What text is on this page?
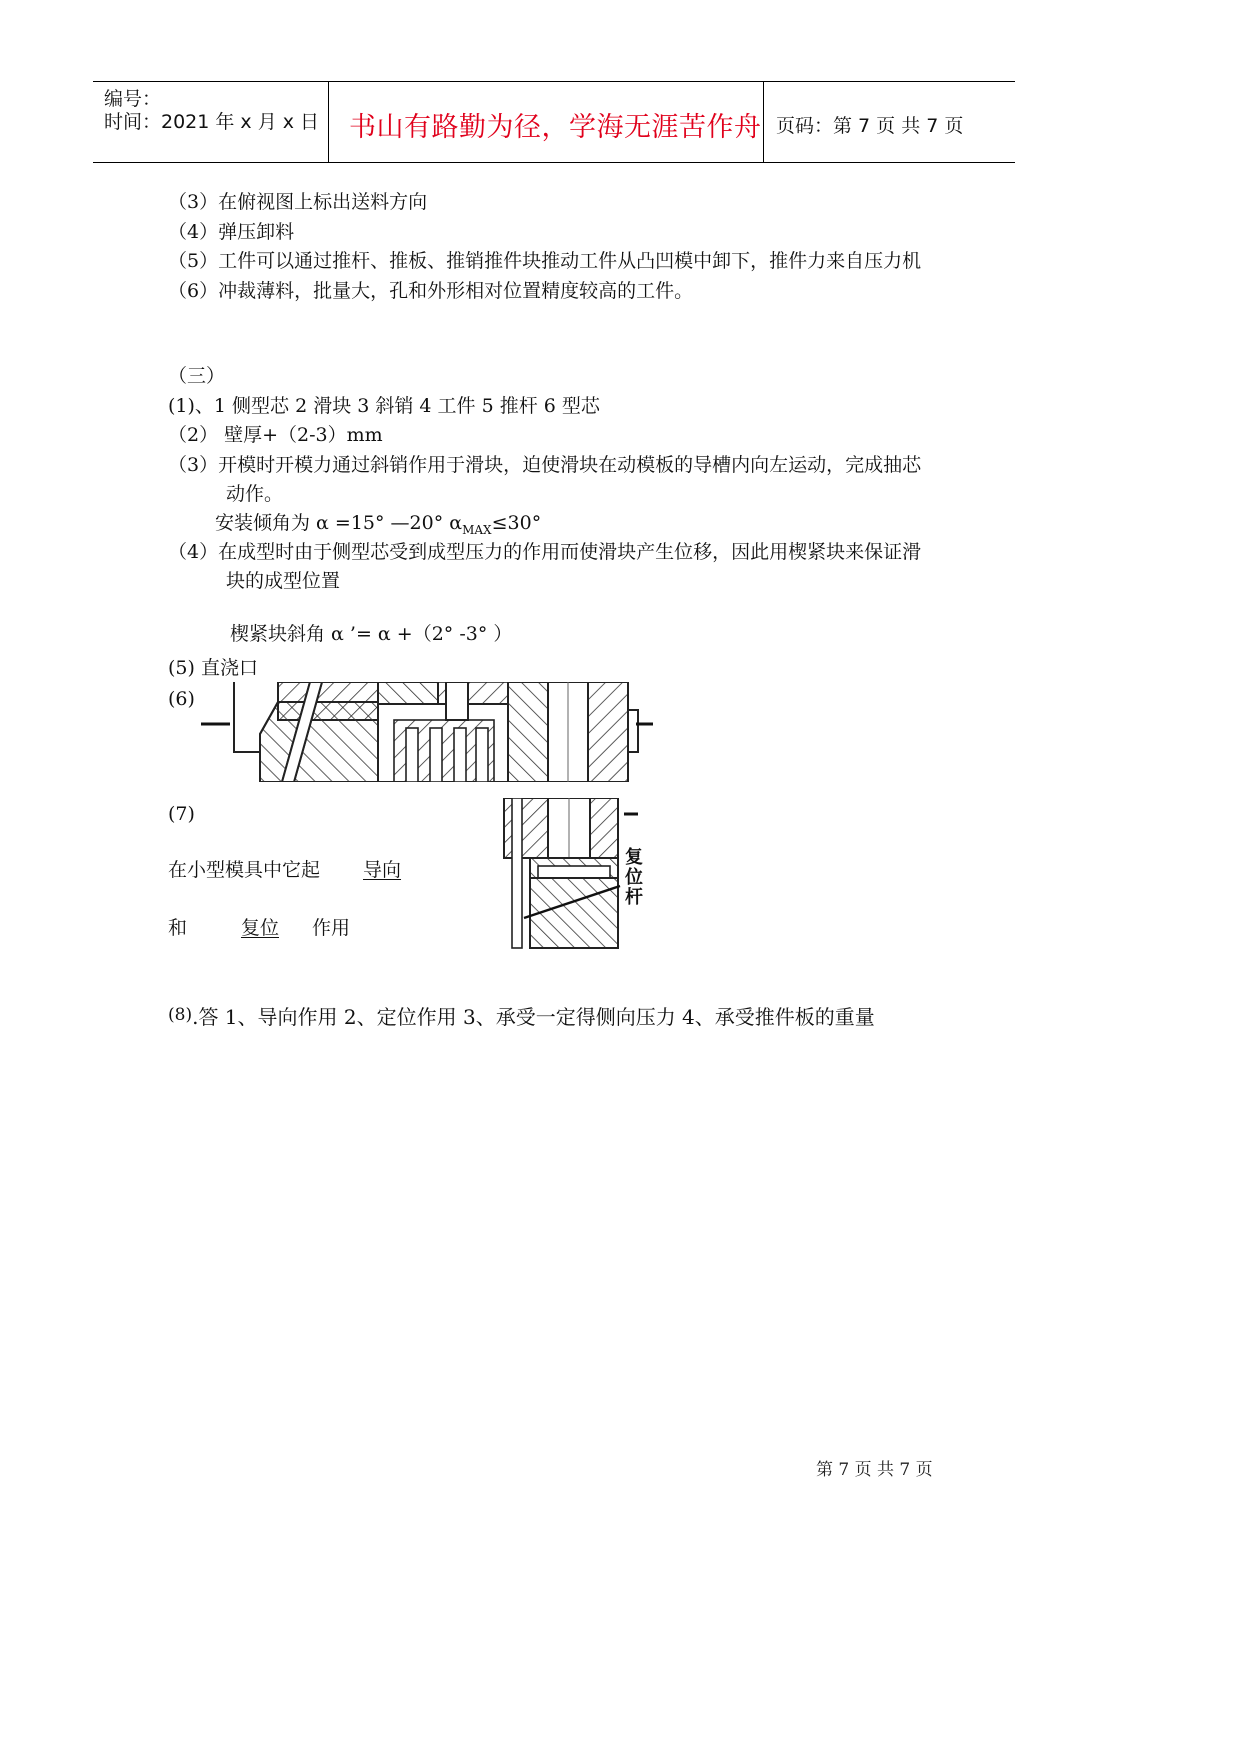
编号：
时间：2021 年 x 月 x 日 书山有路勤为径，学海无涯苦作舟 页码：第 7 页 共 7 页
（3）在俯视图上标出送料方向
（4）弹压卸料
（5）工件可以通过推杆、推板、推销推件块推动工件从凸凹模中卸下，推件力来自压力机
（6）冲裁薄料，批量大，孔和外形相对位置精度较高的工件。
（三）
(1)、1 侧型芯 2 滑块 3 斜销 4 工件 5 推杆 6 型芯
（2） 壁厚+（2-3）mm
（3）开模时开模力通过斜销作用于滑块，迫使滑块在动模板的导槽内向左运动，完成抽芯
动作。
安装倾角为 α =15° —20° $\alpha_{MAX}\le 30^\circ$
（4）在成型时由于侧型芯受到成型压力的作用而使滑块产生位移，因此用楔紧块来保证滑
块的成型位置
楔紧块斜角 α ’= α +（2° -3° ）
(5) 直浇口
(6)
(7)
在小型模具中它起 导向
和	复位 作用
复
位
杆
$^{(8)}$.答 1、导向作用 2、定位作用 3、承受一定得侧向压力 4、承受推件板的重量
第 7 页 共 7 页
